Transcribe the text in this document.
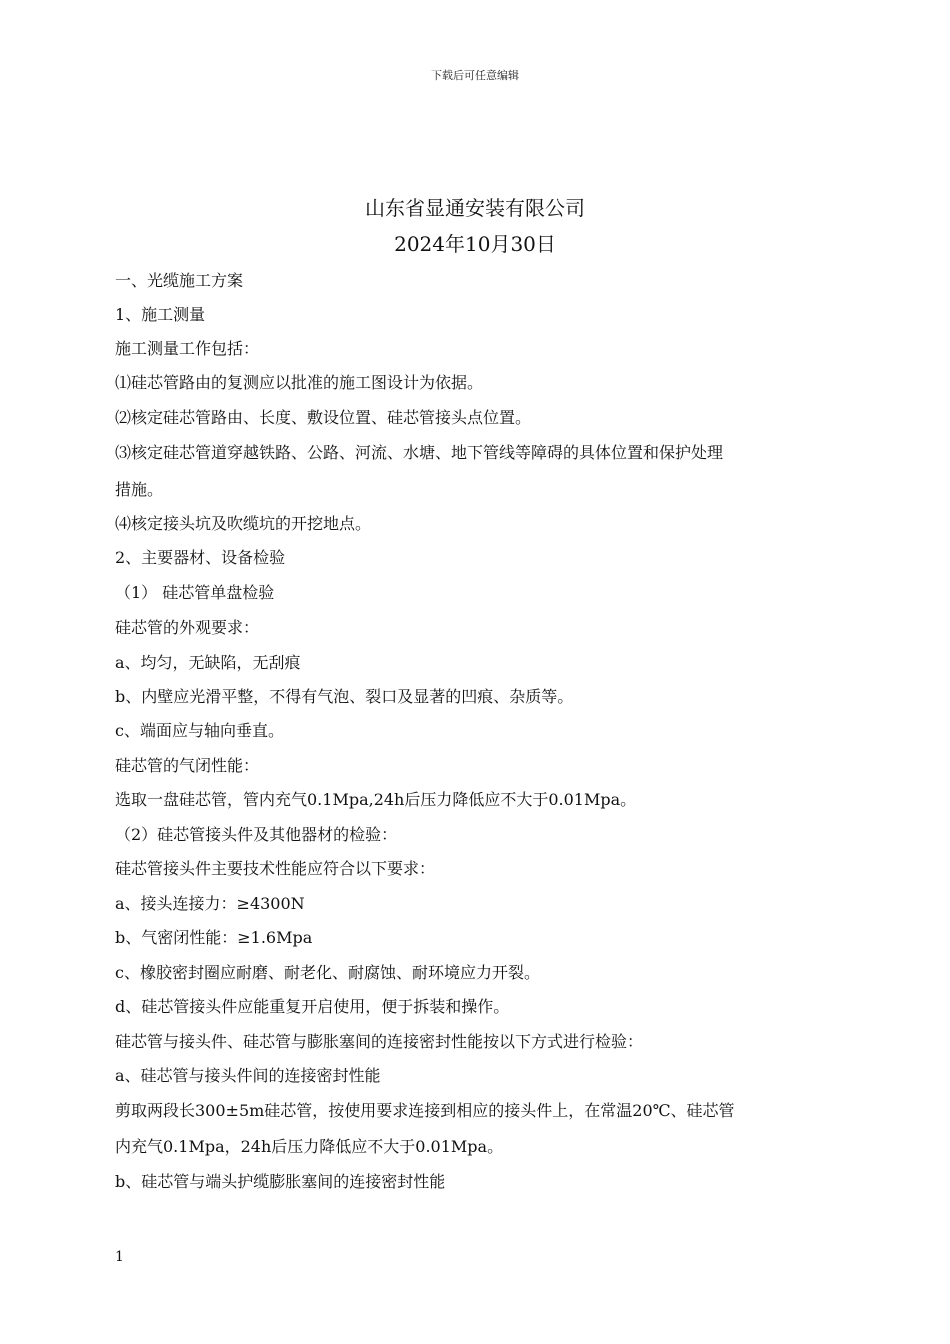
下载后可任意编辑
山东省显通安装有限公司
2024年10月30日
一、光缆施工方案
1、施工测量
施工测量工作包括：
⑴硅芯管路由的复测应以批准的施工图设计为依据。
⑵核定硅芯管路由、长度、敷设位置、硅芯管接头点位置。
⑶核定硅芯管道穿越铁路、公路、河流、水塘、地下管线等障碍的具体位置和保护处理
措施。
⑷核定接头坑及吹缆坑的开挖地点。
2、主要器材、设备检验
（1） 硅芯管单盘检验
硅芯管的外观要求：
a、均匀，无缺陷，无刮痕
b、内壁应光滑平整，不得有气泡、裂口及显著的凹痕、杂质等。
c、端面应与轴向垂直。
硅芯管的气闭性能：
选取一盘硅芯管，管内充气0.1Mpa,24h后压力降低应不大于0.01Mpa。
（2）硅芯管接头件及其他器材的检验：
硅芯管接头件主要技术性能应符合以下要求：
a、接头连接力：≥4300N
b、气密闭性能：≥1.6Mpa
c、橡胶密封圈应耐磨、耐老化、耐腐蚀、耐环境应力开裂。
d、硅芯管接头件应能重复开启使用，便于拆装和操作。
硅芯管与接头件、硅芯管与膨胀塞间的连接密封性能按以下方式进行检验：
a、硅芯管与接头件间的连接密封性能
剪取两段长300±5m硅芯管，按使用要求连接到相应的接头件上，在常温20℃、硅芯管
内充气0.1Mpa，24h后压力降低应不大于0.01Mpa。
b、硅芯管与端头护缆膨胀塞间的连接密封性能
1
